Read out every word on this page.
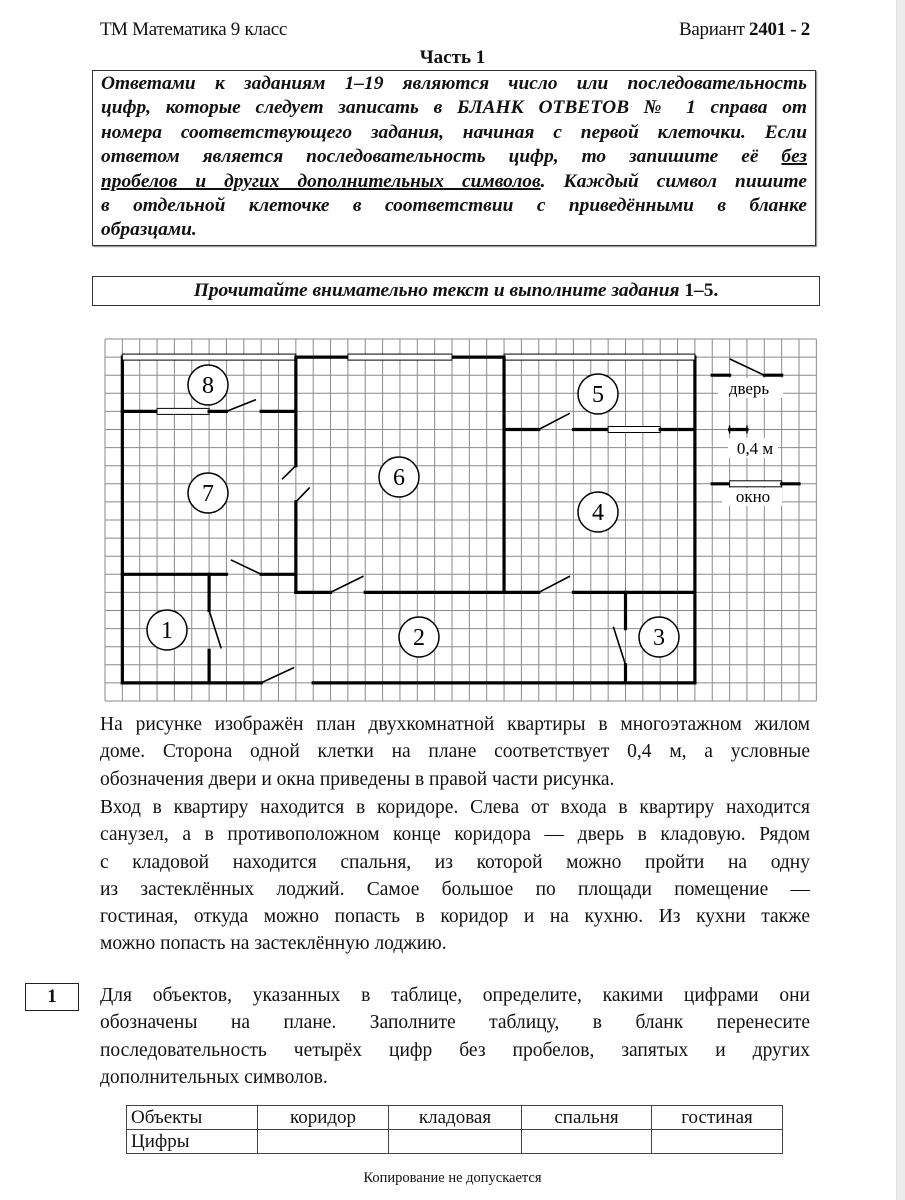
ТМ Математика 9 класс	Вариант 2401 - 2
Часть 1
Ответами к заданиям 1–19 являются число или последовательность
цифр, которые следует записать в БЛАНК ОТВЕТОВ № 1 справа от
номера соответствующего задания, начиная с первой клеточки. Если
ответом является последовательность цифр, то запишите её без
пробелов и других дополнительных символов. Каждый символ пишите
в отдельной клеточке в соответствии с приведёнными в бланке
образцами.
Прочитайте внимательно текст и выполните задания 1–5.
8
7
6
5
4
1	2	3
дверь
0,4 м
окно
На рисунке изображён план двухкомнатной квартиры в многоэтажном жилом
доме. Сторона одной клетки на плане соответствует 0,4 м, а условные
обозначения двери и окна приведены в правой части рисунка.
Вход в квартиру находится в коридоре. Слева от входа в квартиру находится
санузел, а в противоположном конце коридора — дверь в кладовую. Рядом
с кладовой находится спальня, из которой можно пройти на одну
из застеклённых лоджий. Самое большое по площади помещение —
гостиная, откуда можно попасть в коридор и на кухню. Из кухни также
можно попасть на застеклённую лоджию.
1	Для объектов, указанных в таблице, определите, какими цифрами они
обозначены на плане. Заполните таблицу, в бланк перенесите
последовательность четырёх цифр без пробелов, запятых и других
дополнительных символов.
Объекты	коридор	кладовая	спальня	гостиная
Цифры				
Копирование не допускается
